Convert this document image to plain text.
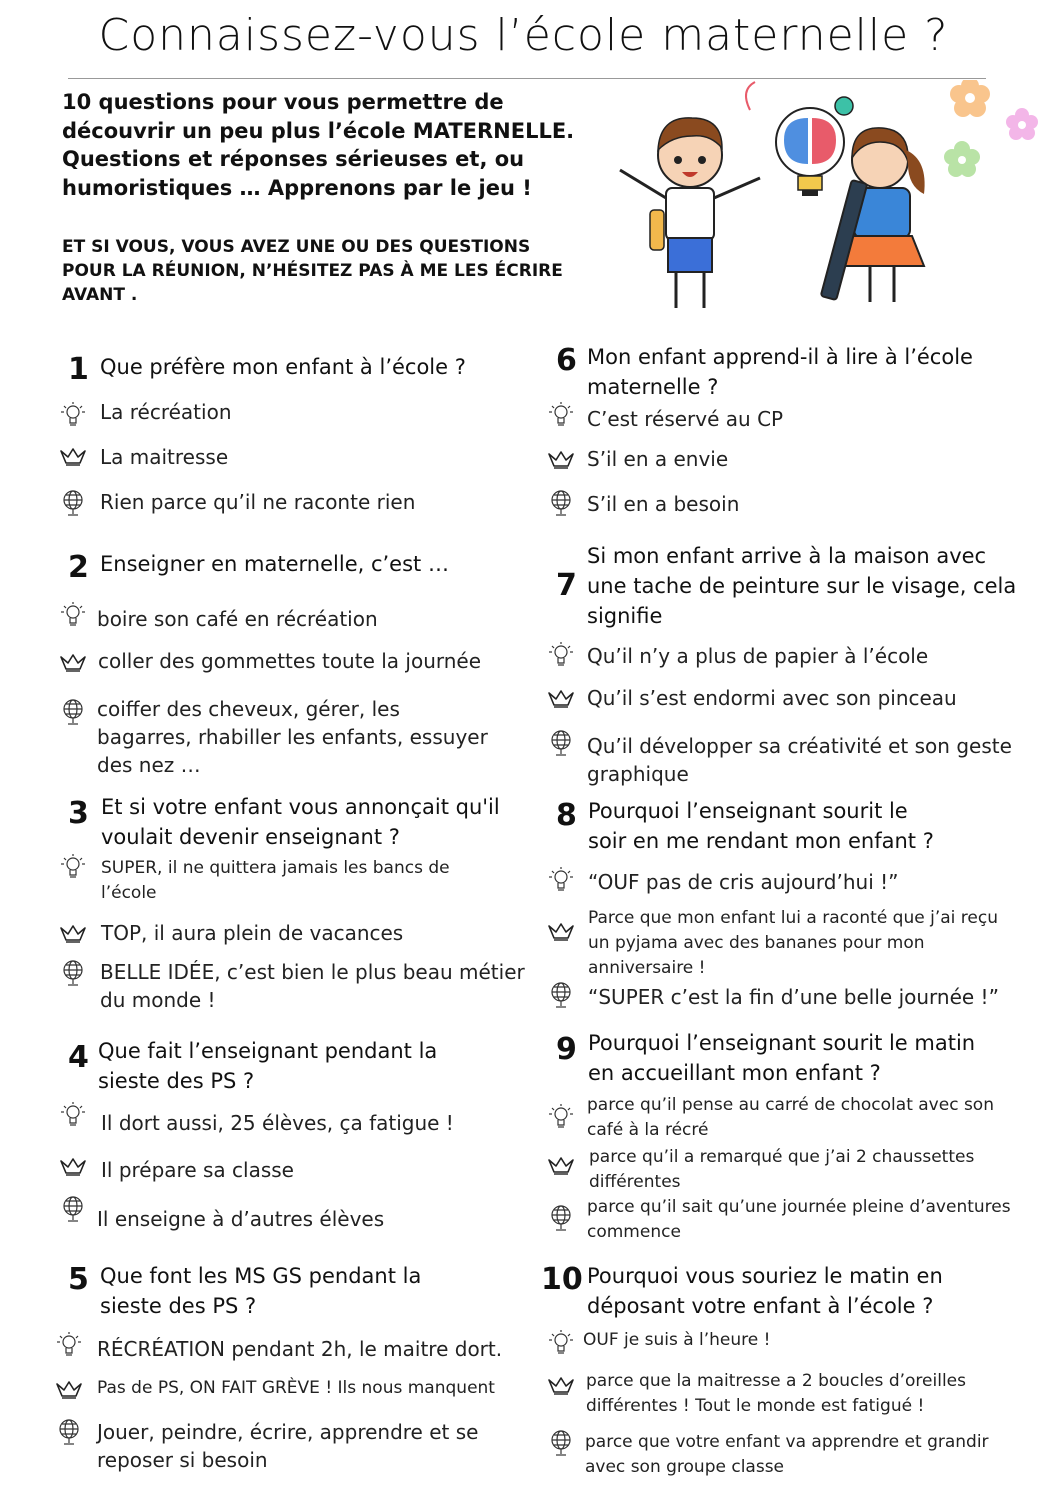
Connaissez-vous l’école maternelle ?
10 questions pour vous permettre de
découvrir un peu plus l’école MATERNELLE.
Questions et réponses sérieuses et, ou
humoristiques … Apprenons par le jeu !
ET SI VOUS, VOUS AVEZ UNE OU DES QUESTIONS
POUR LA RÉUNION, N’HÉSITEZ PAS À ME LES ÉCRIRE
AVANT .
1 Que préfère mon enfant à l’école ?
La récréation
La maitresse
Rien parce qu’il ne raconte rien
2 Enseigner en maternelle, c’est …
boire son café en récréation
coller des gommettes toute la journée
coiffer des cheveux, gérer, les
bagarres, rhabiller les enfants, essuyer
des nez …
3 Et si votre enfant vous annonçait qu'il
voulait devenir enseignant ?
SUPER, il ne quittera jamais les bancs de
l’école
TOP, il aura plein de vacances
BELLE IDÉE, c’est bien le plus beau métier
du monde !
4 Que fait l’enseignant pendant la
sieste des PS ?
Il dort aussi, 25 élèves, ça fatigue !
Il prépare sa classe
Il enseigne à d’autres élèves
5 Que font les MS GS pendant la
sieste des PS ?
RÉCRÉATION pendant 2h, le maitre dort.
Pas de PS, ON FAIT GRÈVE ! Ils nous manquent
Jouer, peindre, écrire, apprendre et se
reposer si besoin
6 Mon enfant apprend-il à lire à l’école
maternelle ?
C’est réservé au CP
S’il en a envie
S’il en a besoin
7
Si mon enfant arrive à la maison avec
une tache de peinture sur le visage, cela
signifie
Qu’il n’y a plus de papier à l’école
Qu’il s’est endormi avec son pinceau
Qu’il développer sa créativité et son geste
graphique
8 Pourquoi l’enseignant sourit le
soir en me rendant mon enfant ?
“OUF pas de cris aujourd’hui !”
Parce que mon enfant lui a raconté que j’ai reçu
un pyjama avec des bananes pour mon
anniversaire !
“SUPER c’est la fin d’une belle journée !”
9 Pourquoi l’enseignant sourit le matin
en accueillant mon enfant ?
parce qu’il pense au carré de chocolat avec son
café à la récré
parce qu’il a remarqué que j’ai 2 chaussettes
différentes
parce qu’il sait qu’une journée pleine d’aventures
commence
10 Pourquoi vous souriez le matin en
déposant votre enfant à l’école ?
OUF je suis à l’heure !
parce que la maitresse a 2 boucles d’oreilles
différentes ! Tout le monde est fatigué !
parce que votre enfant va apprendre et grandir
avec son groupe classe
